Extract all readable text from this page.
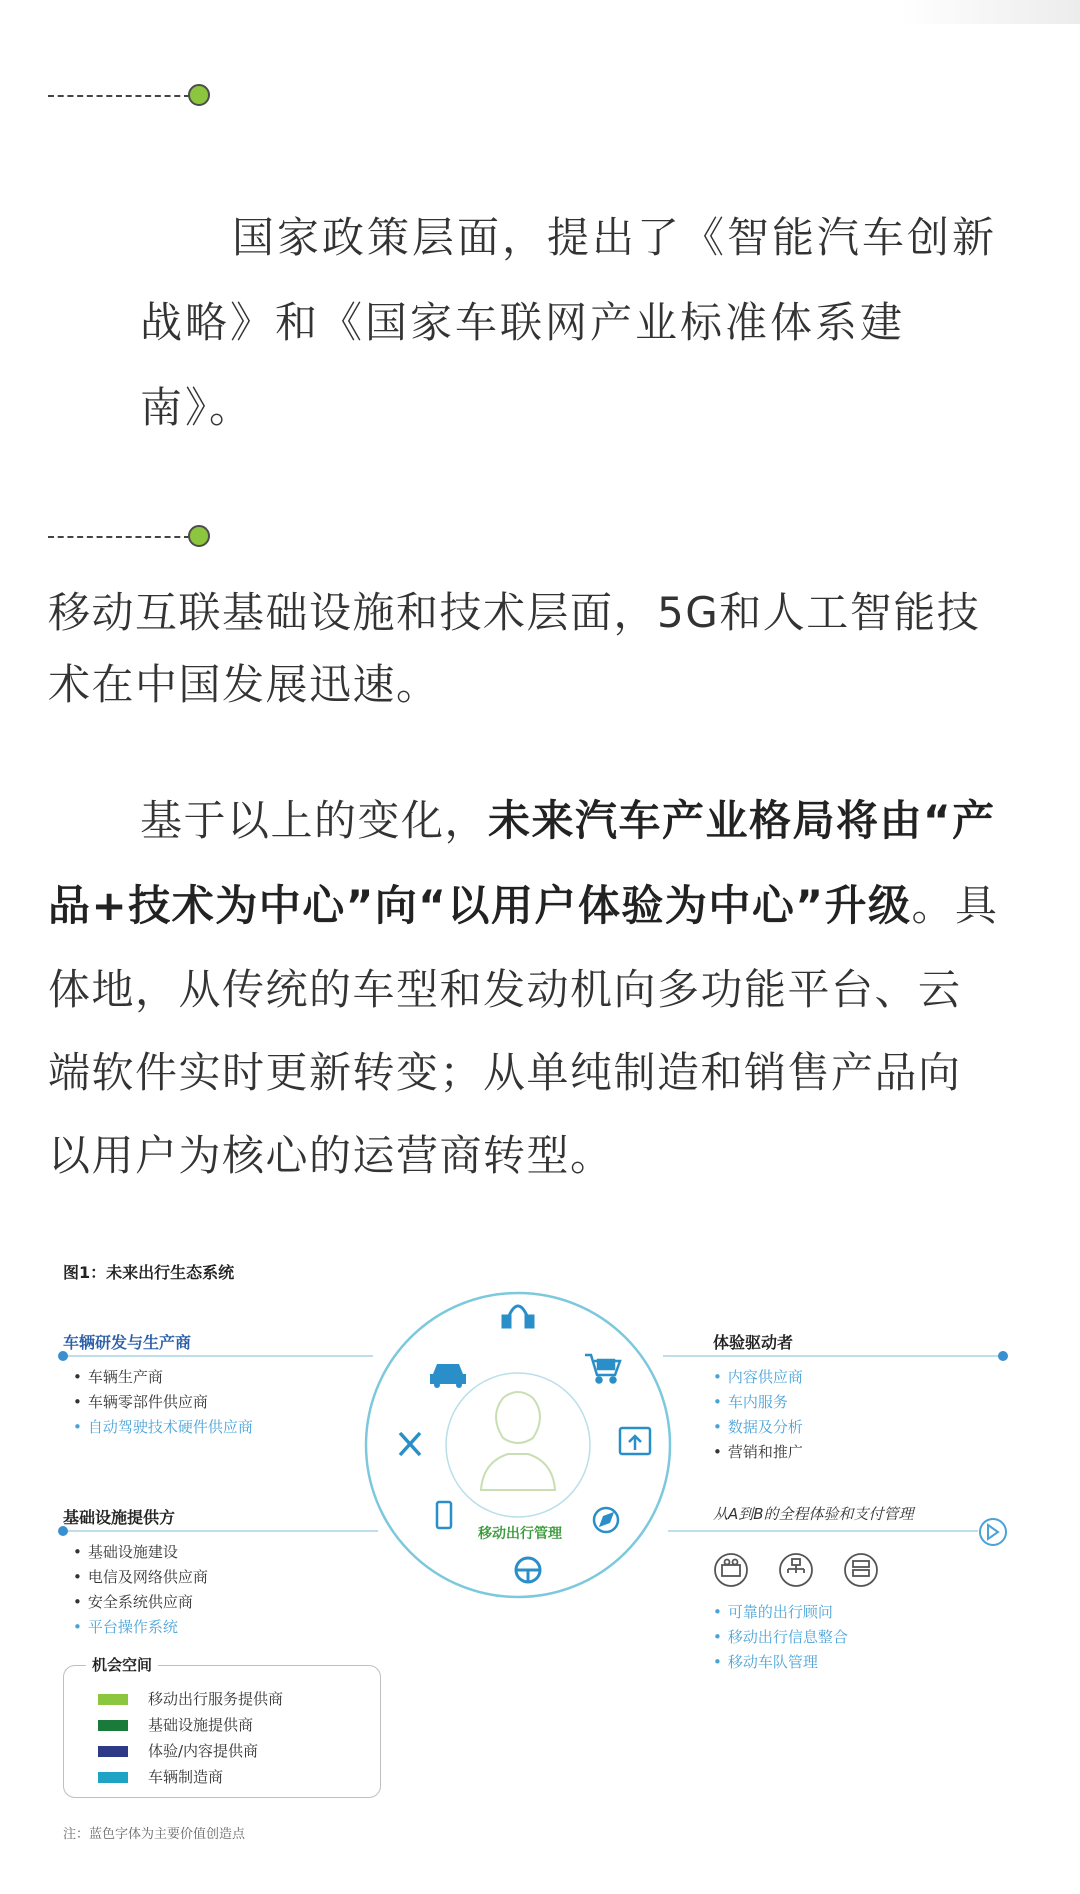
国家政策层面，提出了《智能汽车创新

战略》和《国家车联网产业标准体系建

南》。

移动互联基础设施和技术层面，5G和人工智能技

术在中国发展迅速。

基于以上的变化，未来汽车产业格局将由“产

品+技术为中心”向“以用户体验为中心”升级。具

体地，从传统的车型和发动机向多功能平台、云

端软件实时更新转变；从单纯制造和销售产品向

以用户为核心的运营商转型。

图1：未来出行生态系统
移动出行管理
车辆研发与生产商
• 车辆生产商
• 车辆零部件供应商
• 自动驾驶技术硬件供应商
基础设施提供方
• 基础设施建设
• 电信及网络供应商
• 安全系统供应商
• 平台操作系统
体验驱动者
• 内容供应商
• 车内服务
• 数据及分析
• 营销和推广
从A到B的全程体验和支付管理
• 可靠的出行顾问
• 移动出行信息整合
• 移动车队管理
机会空间
移动出行服务提供商
基础设施提供商
体验/内容提供商
车辆制造商
注：蓝色字体为主要价值创造点
